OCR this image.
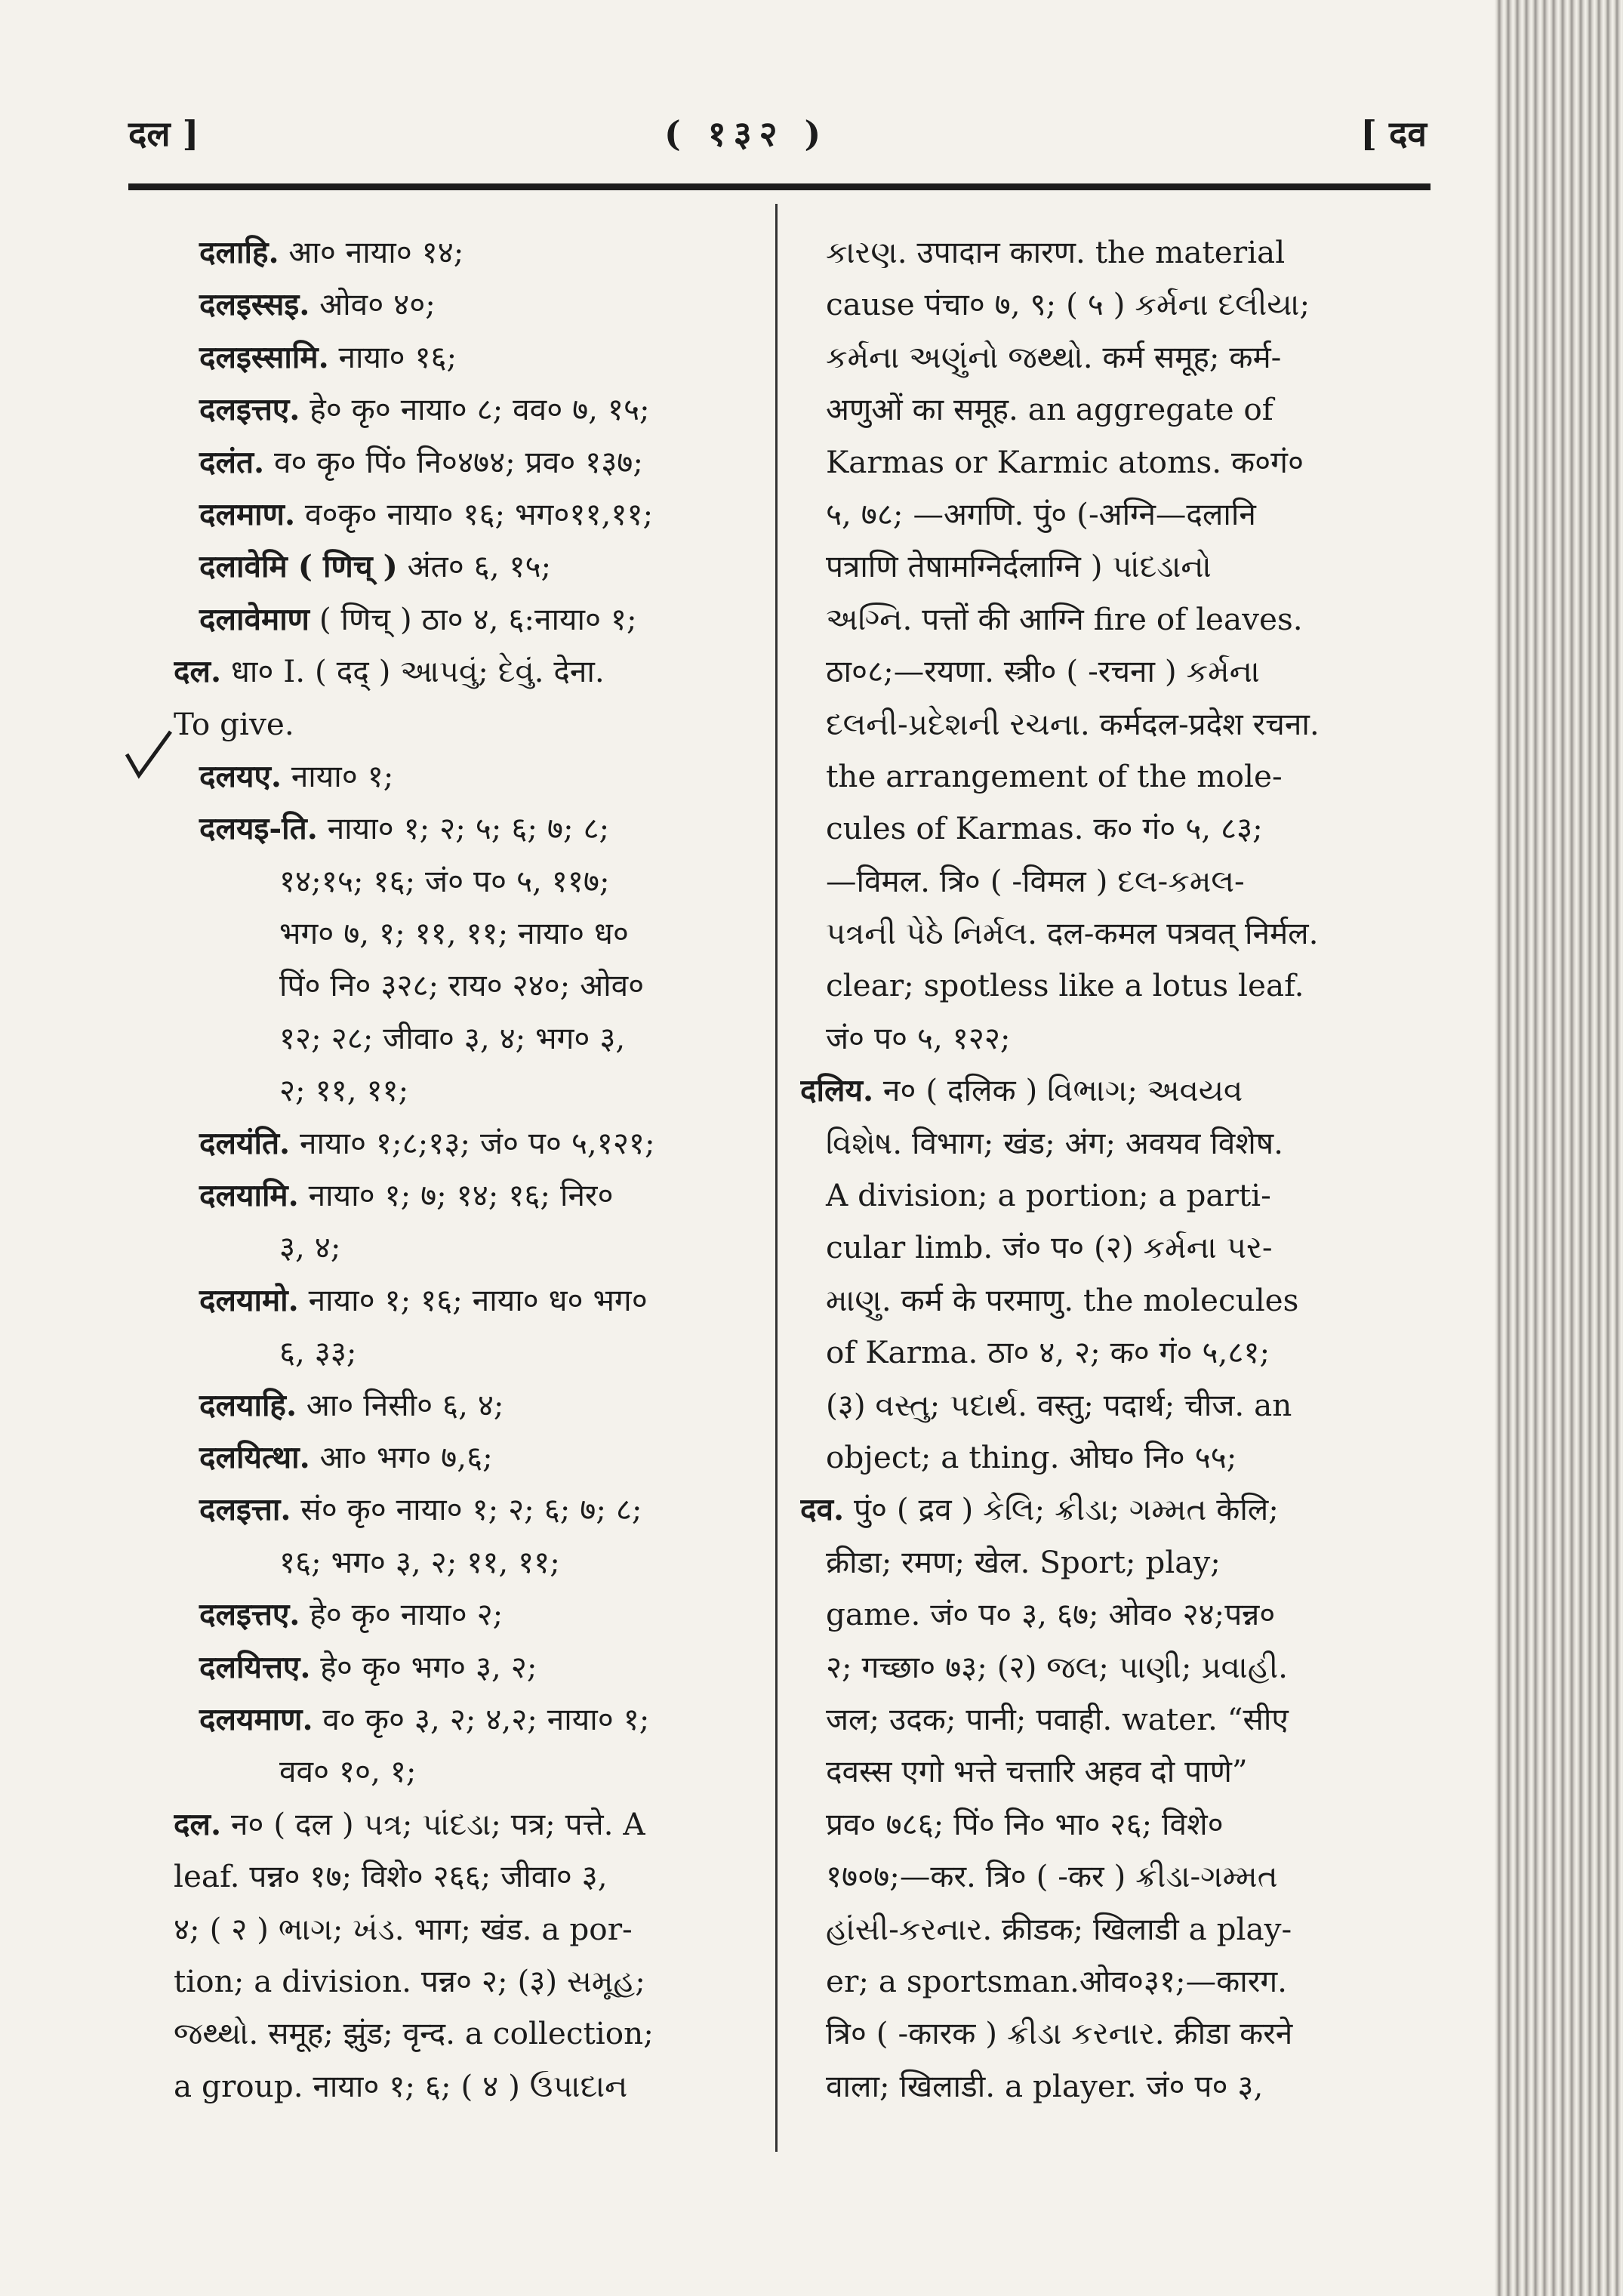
दल ]	( १३२ )	[ दव
दलाहि. आ० नाया० १४;
दलइस्सइ. ओव० ४०;
दलइस्सामि. नाया० १६;
दलइत्तए. हे० कृ० नाया० ८; वव० ७, १५;
दलंत. व० कृ० पिं० नि०४७४; प्रव० १३७;
दलमाण. व०कृ० नाया० १६; भग०११,११;
दलावेमि ( णिच् ) अंत० ६, १५;
दलावेमाण ( णिच् ) ठा० ४, ६:नाया० १;
दल. धा० I. ( दद् ) આપવું; દેવું. देना.
To give.
दलयए. नाया० १;
दलयइ-ति. नाया० १; २; ५; ६; ७; ८;
१४;१५; १६; जं० प० ५, ११७;
भग० ७, १; ११, ११; नाया० ध०
पिं० नि० ३२८; राय० २४०; ओव०
१२; २८; जीवा० ३, ४; भग० ३,
२; ११, ११;
दलयंति. नाया० १;८;१३; जं० प० ५,१२१;
दलयामि. नाया० १; ७; १४; १६; निर०
३, ४;
दलयामो. नाया० १; १६; नाया० ध० भग०
६, ३३;
दलयाहि. आ० निसी० ६, ४;
दलयित्था. आ० भग० ७,६;
दलइत्ता. सं० कृ० नाया० १; २; ६; ७; ८;
१६; भग० ३, २; ११, ११;
दलइत्तए. हे० कृ० नाया० २;
दलयित्तए. हे० कृ० भग० ३, २;
दलयमाण. व० कृ० ३, २; ४,२; नाया० १;
वव० १०, १;
दल. न० ( दल ) પત્ર; પાંદડા; पत्र; पत्ते. A
leaf. पन्न० १७; विशे० २६६; जीवा० ३,
४; ( २ ) ભાગ; ખંડ. भाग; खंड. a por-
tion; a division. पन्न० २; (३) સમૂહ;
જથ્થો. समूह; झुंड; वृन्द. a collection;
a group. नाया० १; ६; ( ४ ) ઉપાદાન
કારણ. उपादान कारण. the material
cause पंचा० ७, ९; ( ५ ) કર્મના દલીયા;
કર્મના અણુંનો જથ્થો. कर्म समूह; कर्म-
अणुओं का समूह. an aggregate of
Karmas or Karmic atoms. क०गं०
५, ७८; —अगणि. पुं० (-अग्नि—दलानि
पत्राणि तेषामग्निर्दलाग्नि ) પાંદડાનો
અગ્નિ. पत्तों की आग्नि fire of leaves.
ठा०८;—रयणा. स्त्री० ( -रचना ) કર્મના
દલની-પ્રદેશની રચના. कर्मदल-प्रदेश रचना.
the arrangement of the mole-
cules of Karmas. क० गं० ५, ८३;
—विमल. त्रि० ( -विमल ) દલ-કમલ-
પત્રની પેઠે નિર્મલ. दल-कमल पत्रवत् निर्मल.
clear; spotless like a lotus leaf.
जं० प० ५, १२२;
दलिय. न० ( दलिक ) વિભાગ; અવયવ
વિશેષ. विभाग; खंड; अंग; अवयव विशेष.
A division; a portion; a parti-
cular limb. जं० प० (२) કર્મના પર-
માણુ. कर्म के परमाणु. the molecules
of Karma. ठा० ४, २; क० गं० ५,८१;
(३) વસ્તુ; પદાર્થ. वस्तु; पदार्थ; चीज. an
object; a thing. ओघ० नि० ५५;
दव. पुं० ( द्रव ) કેલિ; ક્રીડા; ગમ્મત केलि;
क्रीडा; रमण; खेल. Sport; play;
game. जं० प० ३, ६७; ओव० २४;पन्न०
२; गच्छा० ७३; (२) જલ; પાણી; પ્રવાહી.
जल; उदक; पानी; पवाही. water. “सीए
दवस्स एगो भत्ते चत्तारि अहव दो पाणे”
प्रव० ७८६; पिं० नि० भा० २६; विशे०
१७०७;—कर. त्रि० ( -कर ) ક્રીડા-ગમ્મત
હાંસી-કરનાર. क्रीडक; खिलाडी a play-
er; a sportsman.ओव०३१;—कारग.
त्रि० ( -कारक ) ક્રીડા કરનાર. क्रीडा करने
वाला; खिलाडी. a player. जं० प० ३,
